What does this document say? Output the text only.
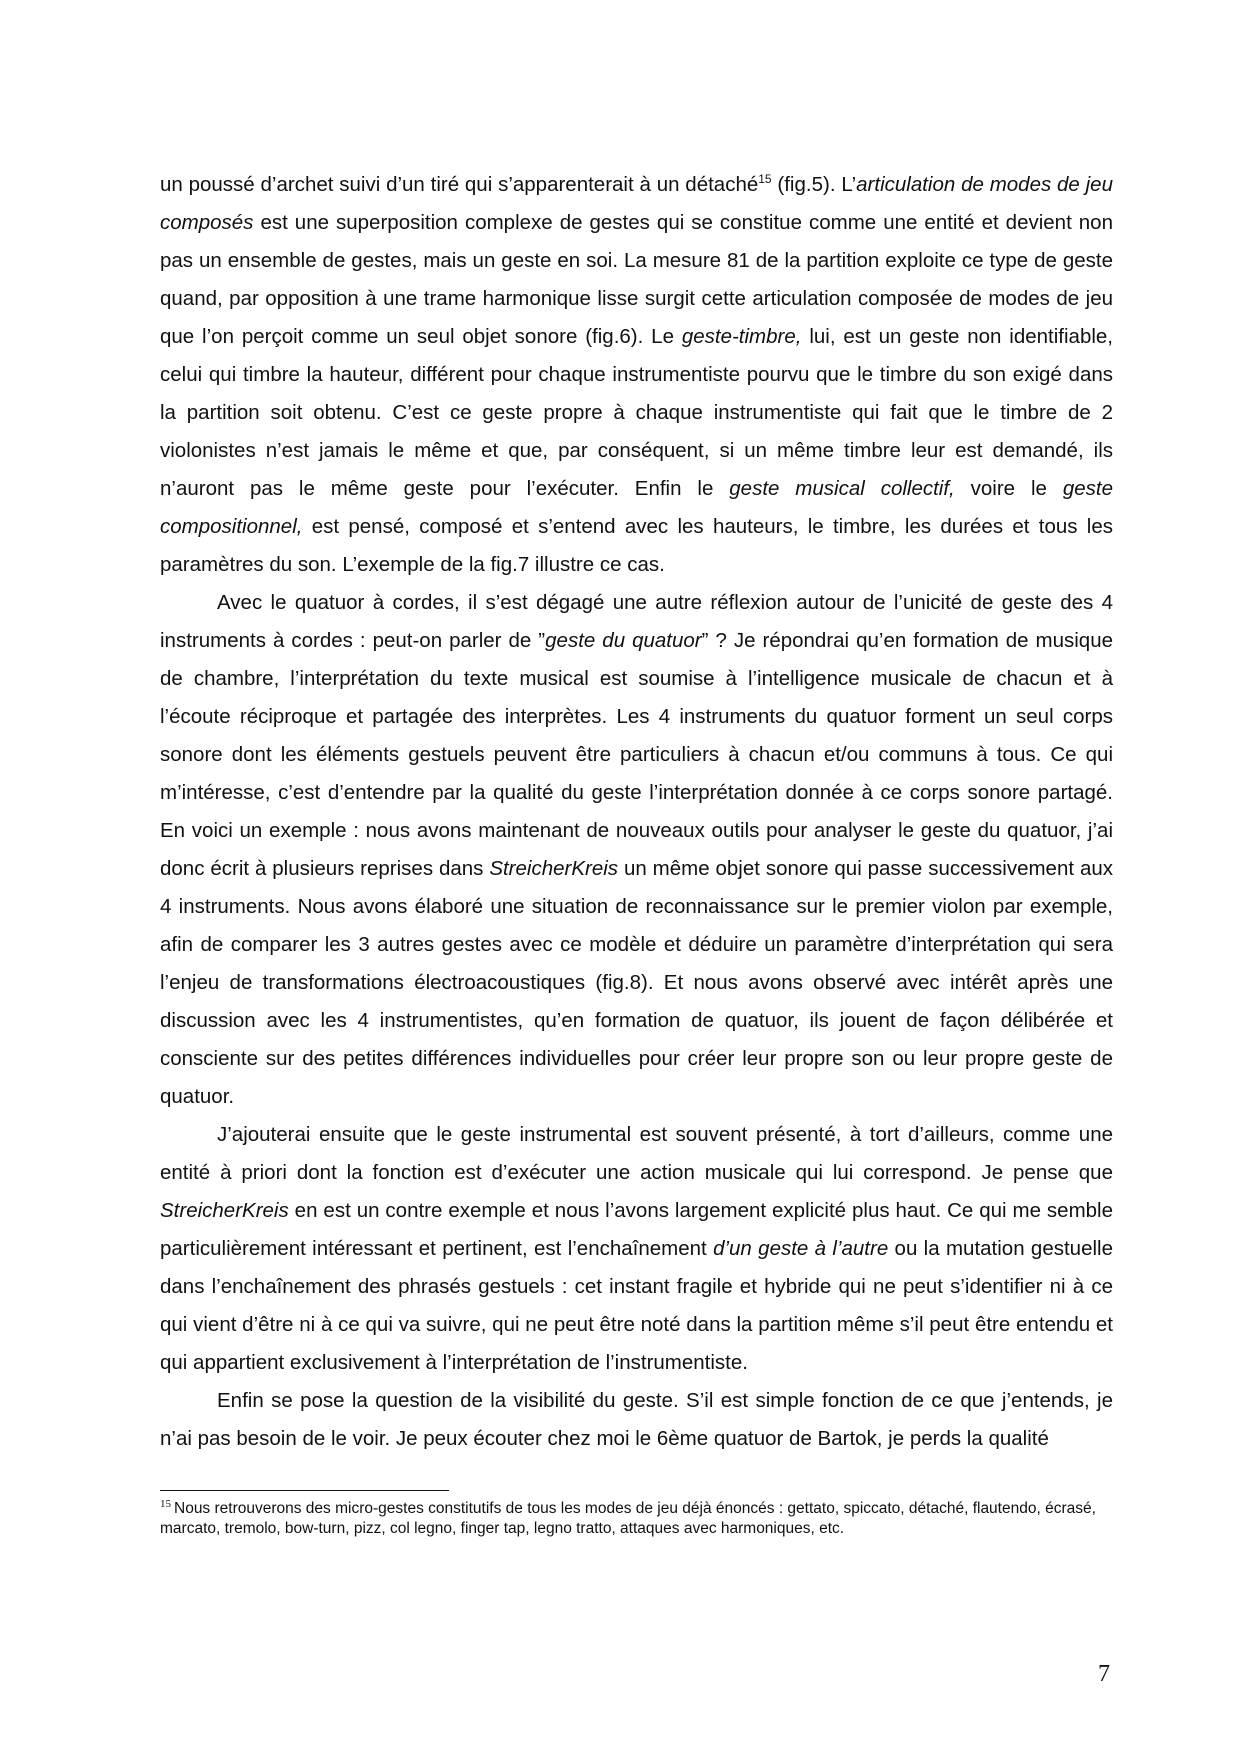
un poussé d’archet suivi d’un tiré qui s’apparenterait à un détaché$^{15}$ (fig.5). L’articulation de modes de jeu composés est une superposition complexe de gestes qui se constitue comme une entité et devient non pas un ensemble de gestes, mais un geste en soi. La mesure 81 de la partition exploite ce type de geste quand, par opposition à une trame harmonique lisse surgit cette articulation composée de modes de jeu que l’on perçoit comme un seul objet sonore (fig.6). Le geste-timbre, lui, est un geste non identifiable, celui qui timbre la hauteur, différent pour chaque instrumentiste pourvu que le timbre du son exigé dans la partition soit obtenu. C’est ce geste propre à chaque instrumentiste qui fait que le timbre de 2 violonistes n’est jamais le même et que, par conséquent, si un même timbre leur est demandé, ils n’auront pas le même geste pour l’exécuter. Enfin le geste musical collectif, voire le geste compositionnel, est pensé, composé et s’entend avec les hauteurs, le timbre, les durées et tous les paramètres du son. L’exemple de la fig.7 illustre ce cas.

Avec le quatuor à cordes, il s’est dégagé une autre réflexion autour de l’unicité de geste des 4 instruments à cordes : peut-on parler de ”geste du quatuor” ? Je répondrai qu’en formation de musique de chambre, l’interprétation du texte musical est soumise à l’intelligence musicale de chacun et à l’écoute réciproque et partagée des interprètes. Les 4 instruments du quatuor forment un seul corps sonore dont les éléments gestuels peuvent être particuliers à chacun et/ou communs à tous. Ce qui m’intéresse, c’est d’entendre par la qualité du geste l’interprétation donnée à ce corps sonore partagé. En voici un exemple : nous avons maintenant de nouveaux outils pour analyser le geste du quatuor, j’ai donc écrit à plusieurs reprises dans StreicherKreis un même objet sonore qui passe successivement aux 4 instruments. Nous avons élaboré une situation de reconnaissance sur le premier violon par exemple, afin de comparer les 3 autres gestes avec ce modèle et déduire un paramètre d’interprétation qui sera l’enjeu de transformations électroacoustiques (fig.8). Et nous avons observé avec intérêt après une discussion avec les 4 instrumentistes, qu’en formation de quatuor, ils jouent de façon délibérée et consciente sur des petites différences individuelles pour créer leur propre son ou leur propre geste de quatuor.

J’ajouterai ensuite que le geste instrumental est souvent présenté, à tort d’ailleurs, comme une entité à priori dont la fonction est d’exécuter une action musicale qui lui correspond. Je pense que StreicherKreis en est un contre exemple et nous l’avons largement explicité plus haut. Ce qui me semble particulièrement intéressant et pertinent, est l’enchaînement d’un geste à l’autre ou la mutation gestuelle dans l’enchaînement des phrasés gestuels : cet instant fragile et hybride qui ne peut s’identifier ni à ce qui vient d’être ni à ce qui va suivre, qui ne peut être noté dans la partition même s’il peut être entendu et qui appartient exclusivement à l’interprétation de l’instrumentiste.

Enfin se pose la question de la visibilité du geste. S’il est simple fonction de ce que j’entends, je n’ai pas besoin de le voir. Je peux écouter chez moi le 6ème quatuor de Bartok, je perds la qualité

$^{15}$ Nous retrouverons des micro-gestes constitutifs de tous les modes de jeu déjà énoncés : gettato, spiccato, détaché, flautendo, écrasé, marcato, tremolo, bow-turn, pizz, col legno, finger tap, legno tratto, attaques avec harmoniques, etc.

7
